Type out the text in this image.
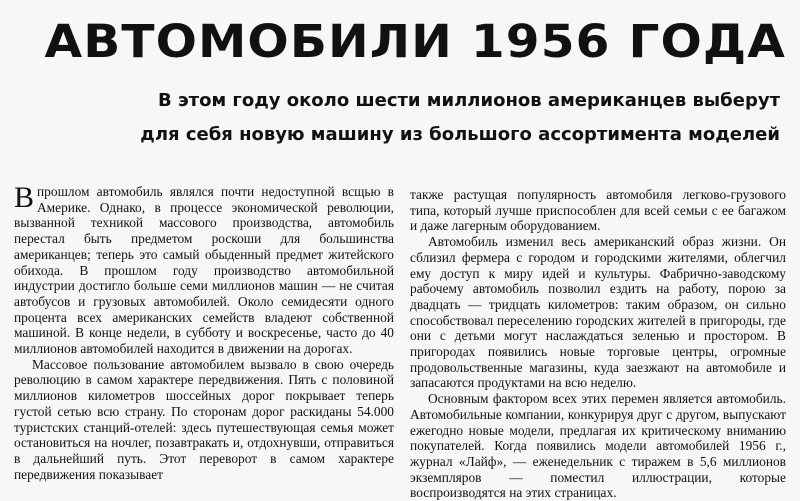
АВТОМОБИЛИ 1956 ГОДА
В этом году около шести миллионов американцев выберут
для себя новую машину из большого ассортимента моделей

Впрошлом автомобиль являлся почти недоступной всщью в Америке. Однако, в процессе экономической революции, вызванной техникой массового производства, автомобиль перестал быть предметом роскоши для большинства американцев; теперь это самый обыденный предмет житейского обихода. В прошлом году производство автомобильной индустрии достигло больше семи миллионов машин — не считая автобусов и грузовых автомобилей. Около семидесяти одного процента всех американских семейств владеют собственной машиной. В конце недели, в субботу и воскресенье, часто до 40 миллионов автомобилей находится в движении на дорогах.

Массовое пользование автомобилем вызвало в свою очередь революцию в самом характере передвижения. Пять с половиной миллионов километров шоссейных дорог покрывает теперь густой сетью всю страну. По сторонам дорог раскиданы 54.000 туристских станций-отелей: здесь путешествующая семья может остановиться на ночлег, позавтракать и, отдохнувши, отправиться в дальнейший путь. Этот переворот в самом характере передвижения показывает

также растущая популярность автомобиля легково-грузового типа, который лучше приспособлен для всей семьи с ее багажом и даже лагерным оборудованием.

Автомобиль изменил весь американский образ жизни. Он сблизил фермера с городом и городскими жителями, облегчил ему доступ к миру идей и культуры. Фабрично-заводскому рабочему автомобиль позволил ездить на работу, порою за двадцать — тридцать километров: таким образом, он сильно способствовал переселению городских жителей в пригороды, где они с детьми могут наслаждаться зеленью и простором. В пригородах появились новые торговые центры, огромные продовольственные магазины, куда заезжают на автомобиле и запасаются продуктами на всю неделю.

Основным фактором всех этих перемен является автомобиль. Автомобильные компании, конкурируя друг с другом, выпускают ежегодно новые модели, предлагая их критическому вниманию покупателей. Когда появились модели автомобилей 1956 г., журнал «Лайф», — еженедельник с тиражем в 5,6 миллионов экземпляров — поместил иллюстрации, которые воспроизводятся на этих страницах.
